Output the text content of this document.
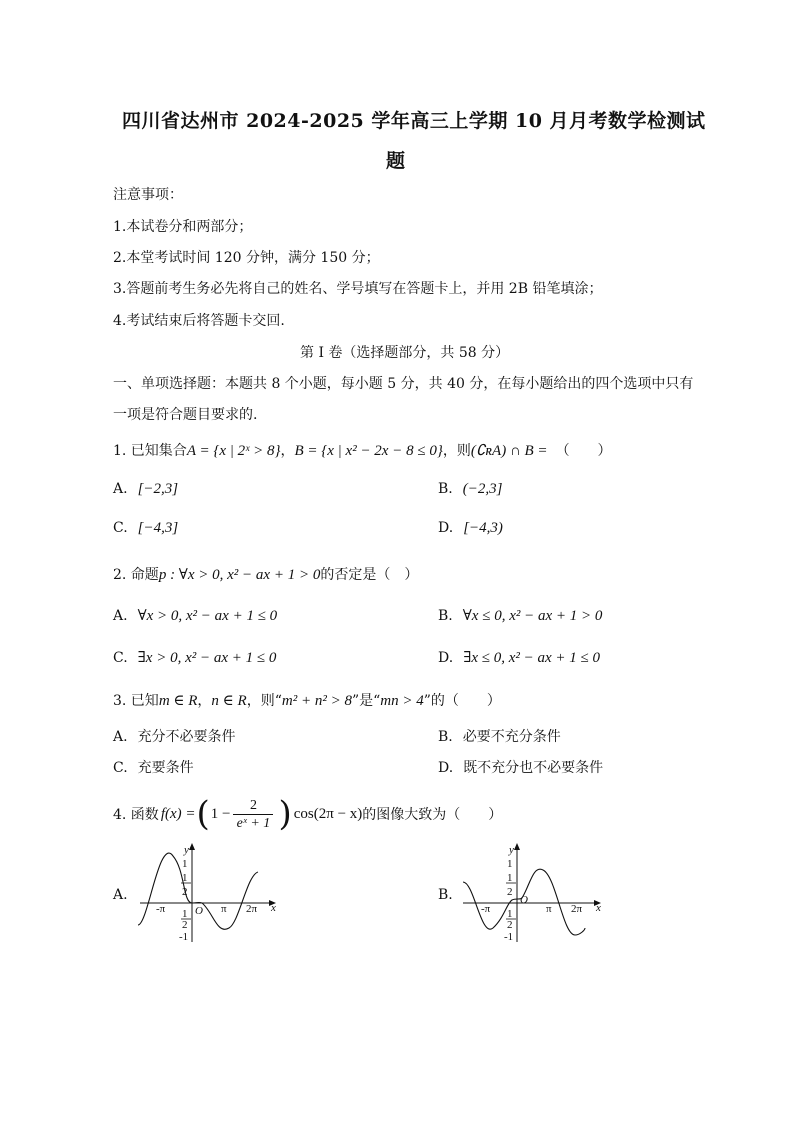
四川省达州市 2024-2025 学年高三上学期 10 月月考数学检测试
题
注意事项：
1.本试卷分和两部分；
2.本堂考试时间 120 分钟，满分 150 分；
3.答题前考生务必先将自己的姓名、学号填写在答题卡上，并用 2B 铅笔填涂；
4.考试结束后将答题卡交回.
第 I 卷（选择题部分，共 58 分）
一、单项选择题：本题共 8 个小题，每小题 5 分，共 40 分，在每小题给出的四个选项中只有
一项是符合题目要求的.
1. 已知集合A = {x | 2ˣ > 8}，B = {x | x² − 2x − 8 ≤ 0}，则(∁ʀA) ∩ B = （　　）
A. [−2,3]	B. (−2,3]
C. [−4,3]	D. [−4,3)
2. 命题p : ∀x > 0, x² − ax + 1 > 0的否定是（　）
A. ∀x > 0, x² − ax + 1 ≤ 0	B. ∀x ≤ 0, x² − ax + 1 > 0
C. ∃x > 0, x² − ax + 1 ≤ 0	D. ∃x ≤ 0, x² − ax + 1 ≤ 0
3. 已知m ∈ R，n ∈ R，则“m² + n² > 8”是“mn > 4”的（　　）
A. 充分不必要条件	B. 必要不充分条件
C. 充要条件	D. 既不充分也不必要条件
4. 函数 f(x) = ( 1 −
2
eˣ + 1 ) cos(2π − x) 的图像大致为（　　）
A.
y
x
O
1
1
2
1
2
-1
-π	π 2π
B.
y
x
O
1
1
2
1
2
-1
-π	π 2π
